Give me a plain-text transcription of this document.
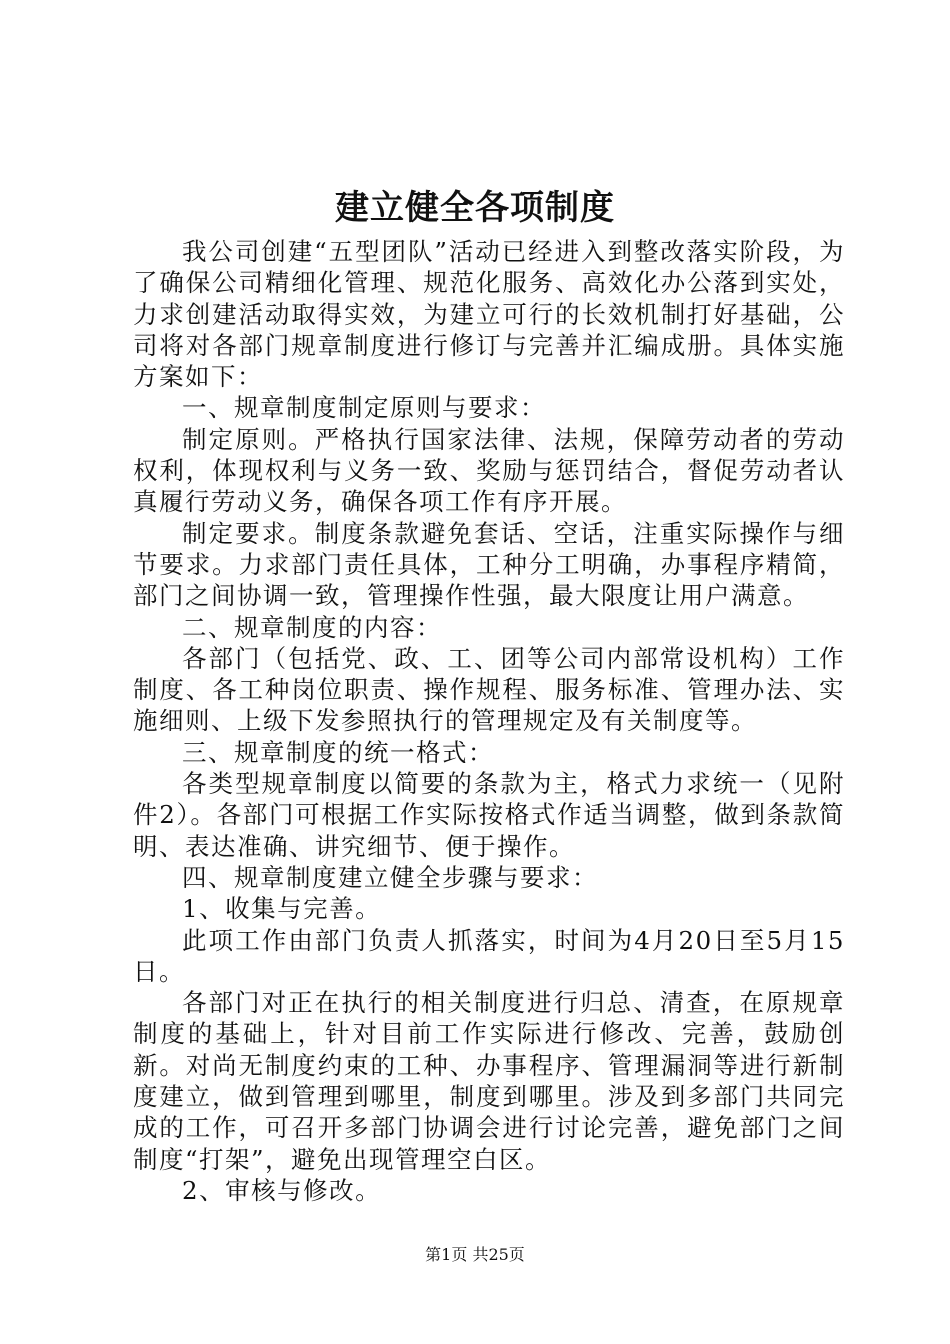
建立健全各项制度

我公司创建“五型团队”活动已经进入到整改落实阶段，为了确保公司精细化管理、规范化服务、高效化办公落到实处，力求创建活动取得实效，为建立可行的长效机制打好基础，公司将对各部门规章制度进行修订与完善并汇编成册。具体实施方案如下：

一、规章制度制定原则与要求：

制定原则。严格执行国家法律、法规，保障劳动者的劳动权利，体现权利与义务一致、奖励与惩罚结合，督促劳动者认真履行劳动义务，确保各项工作有序开展。

制定要求。制度条款避免套话、空话，注重实际操作与细节要求。力求部门责任具体，工种分工明确，办事程序精简，部门之间协调一致，管理操作性强，最大限度让用户满意。

二、规章制度的内容：

各部门（包括党、政、工、团等公司内部常设机构）工作制度、各工种岗位职责、操作规程、服务标准、管理办法、实施细则、上级下发参照执行的管理规定及有关制度等。

三、规章制度的统一格式：

各类型规章制度以简要的条款为主，格式力求统一（见附件2）。各部门可根据工作实际按格式作适当调整，做到条款简明、表达准确、讲究细节、便于操作。

四、规章制度建立健全步骤与要求：

1、收集与完善。

此项工作由部门负责人抓落实，时间为4月20日至5月15日。

各部门对正在执行的相关制度进行归总、清查，在原规章制度的基础上，针对目前工作实际进行修改、完善，鼓励创新。对尚无制度约束的工种、办事程序、管理漏洞等进行新制度建立，做到管理到哪里，制度到哪里。涉及到多部门共同完成的工作，可召开多部门协调会进行讨论完善，避免部门之间制度“打架”，避免出现管理空白区。

2、审核与修改。

第1页 共25页
